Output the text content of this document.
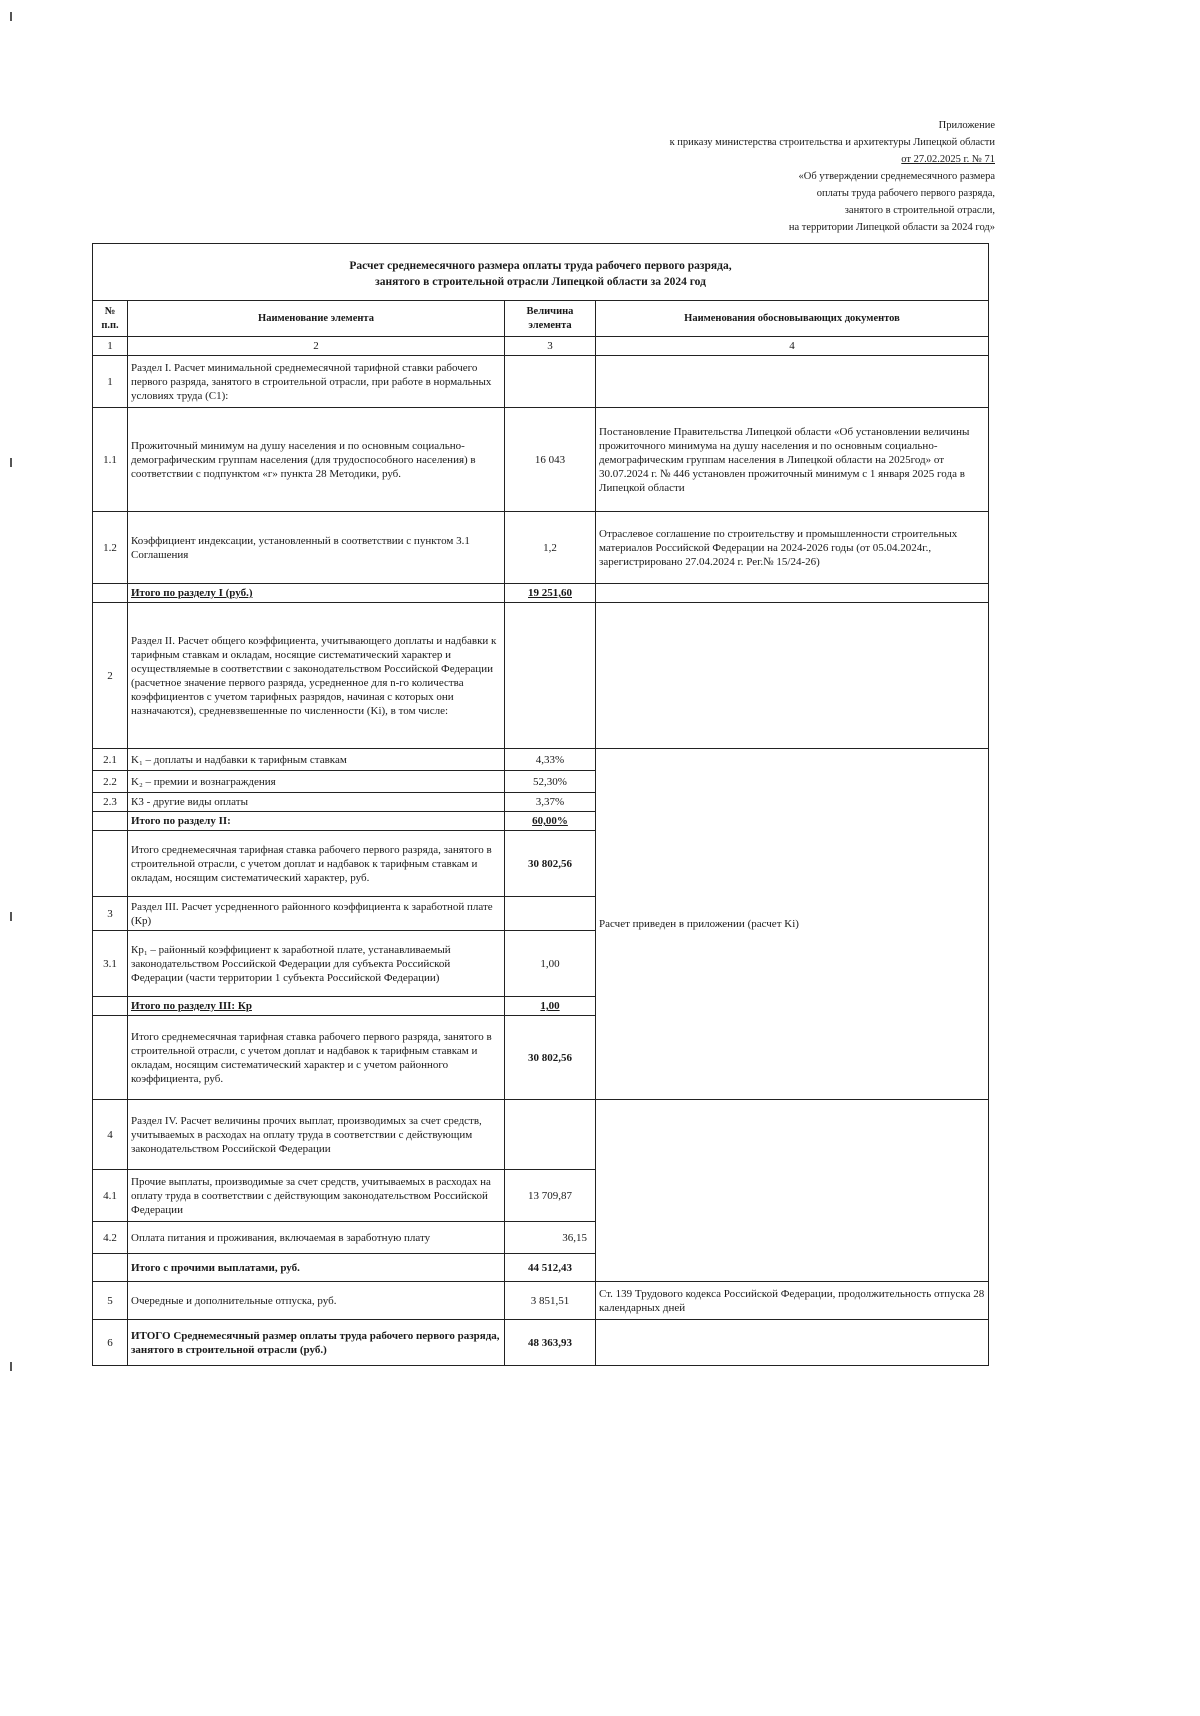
Приложение
к приказу министерства строительства и архитектуры Липецкой области
от 27.02.2025 г. № 71
«Об утверждении среднемесячного размера
оплаты труда рабочего первого разряда,
занятого в строительной отрасли,
на территории Липецкой области за 2024 год»
Расчет среднемесячного размера оплаты труда рабочего первого разряда,
занятого в строительной отрасли Липецкой области за 2024 год			

№ п.п.	Наименование элемента	Величина элемента	Наименования обосновывающих документов
1	2	3	4
1	Раздел I. Расчет минимальной среднемесячной тарифной ставки рабочего первого разряда, занятого в строительной отрасли, при работе в нормальных условиях труда (С1):		
1.1	Прожиточный минимум на душу населения и по основным социально-демографическим группам населения (для трудоспособного населения) в соответствии с подпунктом «г» пункта 28 Методики, руб.	16 043	Постановление Правительства Липецкой области «Об установлении величины прожиточного минимума на душу населения и по основным социально-демографическим группам населения в Липецкой области на 2025год» от 30.07.2024 г. № 446 установлен прожиточный минимум с 1 января 2025 года в Липецкой области
1.2	Коэффициент индексации, установленный в соответствии с пунктом 3.1 Соглашения	1,2	Отраслевое соглашение по строительству и промышленности строительных материалов Российской Федерации на 2024-2026 годы (от 05.04.2024г., зарегистрировано 27.04.2024 г. Рег.№ 15/24-26)
	Итого по разделу I (руб.)	19 251,60	
2	Раздел II. Расчет общего коэффициента, учитывающего доплаты и надбавки к тарифным ставкам и окладам, носящие систематический характер и осуществляемые в соответствии с законодательством Российской Федерации (расчетное значение первого разряда, усредненное для n-го количества коэффициентов с учетом тарифных разрядов, начиная с которых они назначаются), средневзвешенные по численности (Ki), в том числе:		
2.1	K₁ – доплаты и надбавки к тарифным ставкам	4,33%	Расчет приведен в приложении (расчет Ki)
2.2	K₂ – премии и вознаграждения	52,30%	
2.3	К3 - другие виды оплаты	3,37%	
	Итого по разделу II:	60,00%	
	Итого среднемесячная тарифная ставка рабочего первого разряда, занятого в строительной отрасли, с учетом доплат и надбавок к тарифным ставкам и окладам, носящим систематический характер, руб.	30 802,56	
3	Раздел III. Расчет усредненного районного коэффициента к заработной плате (Кр)		
3.1	Кр₁ – районный коэффициент к заработной плате, устанавливаемый законодательством Российской Федерации для субъекта Российской Федерации (части территории 1 субъекта Российской Федерации)	1,00	
	Итого по разделу III: Кр	1,00	
	Итого среднемесячная тарифная ставка рабочего первого разряда, занятого в строительной отрасли, с учетом доплат и надбавок к тарифным ставкам и окладам, носящим систематический характер и с учетом районного коэффициента, руб.	30 802,56	
4	Раздел IV. Расчет величины прочих выплат, производимых за счет средств, учитываемых в расходах на оплату труда в соответствии с действующим законодательством Российской Федерации		
4.1	Прочие выплаты, производимые за счет средств, учитываемых в расходах на оплату труда в соответствии с действующим законодательством Российской Федерации	13 709,87	
4.2	Оплата питания и проживания, включаемая в заработную плату	36,15	
	Итого с прочими выплатами, руб.	44 512,43	
5	Очередные и дополнительные отпуска, руб.	3 851,51	Ст. 139 Трудового кодекса Российской Федерации, продолжительность отпуска 28 календарных дней
6	ИТОГО Среднемесячный размер оплаты труда рабочего первого разряда, занятого в строительной отрасли (руб.)	48 363,93	
